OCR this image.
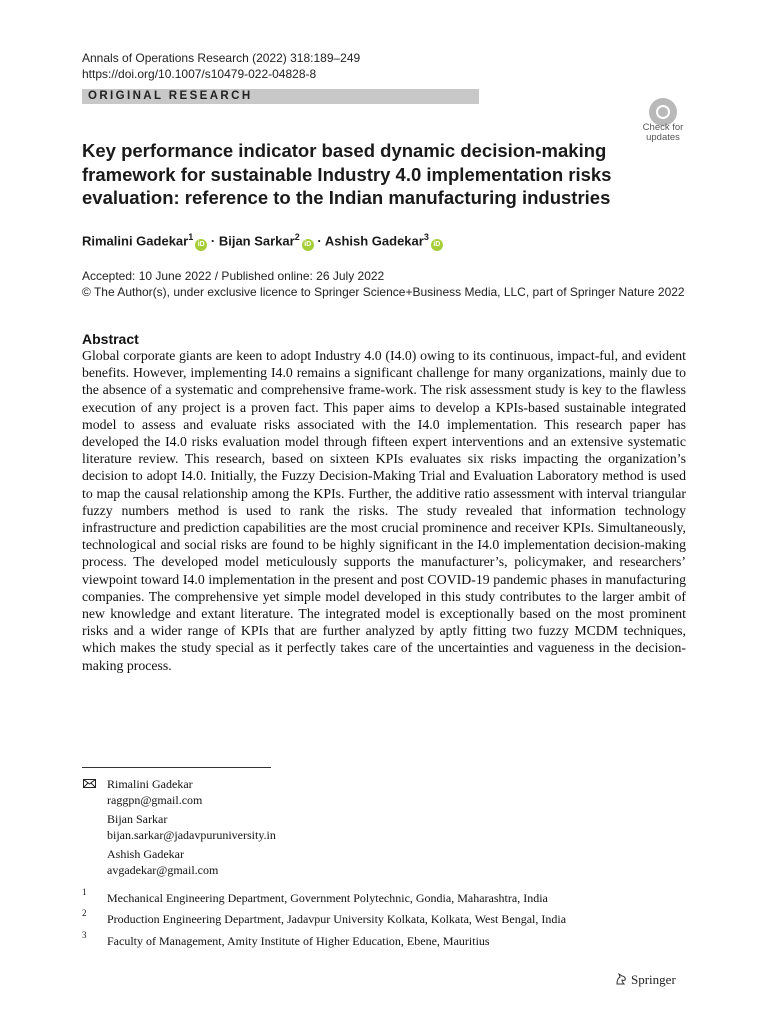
Annals of Operations Research (2022) 318:189–249
https://doi.org/10.1007/s10479-022-04828-8
ORIGINAL RESEARCH
Check for updates
Key performance indicator based dynamic decision-making framework for sustainable Industry 4.0 implementation risks evaluation: reference to the Indian manufacturing industries
Rimalini Gadekar$^1$iD · Bijan Sarkar$^2$iD · Ashish Gadekar$^3$iD
Accepted: 10 June 2022 / Published online: 26 July 2022
© The Author(s), under exclusive licence to Springer Science+Business Media, LLC, part of Springer Nature 2022
Abstract
Global corporate giants are keen to adopt Industry 4.0 (I4.0) owing to its continuous, impact-ful, and evident benefits. However, implementing I4.0 remains a significant challenge for many organizations, mainly due to the absence of a systematic and comprehensive frame-work. The risk assessment study is key to the flawless execution of any project is a proven fact. This paper aims to develop a KPIs-based sustainable integrated model to assess and evaluate risks associated with the I4.0 implementation. This research paper has developed the I4.0 risks evaluation model through fifteen expert interventions and an extensive systematic literature review. This research, based on sixteen KPIs evaluates six risks impacting the organization’s decision to adopt I4.0. Initially, the Fuzzy Decision-Making Trial and Evaluation Laboratory method is used to map the causal relationship among the KPIs. Further, the additive ratio assessment with interval triangular fuzzy numbers method is used to rank the risks. The study revealed that information technology infrastructure and prediction capabilities are the most crucial prominence and receiver KPIs. Simultaneously, technological and social risks are found to be highly significant in the I4.0 implementation decision-making process. The developed model meticulously supports the manufacturer’s, policymaker, and researchers’ viewpoint toward I4.0 implementation in the present and post COVID-19 pandemic phases in manufacturing companies. The comprehensive yet simple model developed in this study contributes to the larger ambit of new knowledge and extant literature. The integrated model is exceptionally based on the most prominent risks and a wider range of KPIs that are further analyzed by aptly fitting two fuzzy MCDM techniques, which makes the study special as it perfectly takes care of the uncertainties and vagueness in the decision-making process.
Rimalini Gadekar
raggpn@gmail.com
Bijan Sarkar
bijan.sarkar@jadavpuruniversity.in
Ashish Gadekar
avgadekar@gmail.com
1 Mechanical Engineering Department, Government Polytechnic, Gondia, Maharashtra, India
2 Production Engineering Department, Jadavpur University Kolkata, Kolkata, West Bengal, India
3 Faculty of Management, Amity Institute of Higher Education, Ebene, Mauritius
Springer
